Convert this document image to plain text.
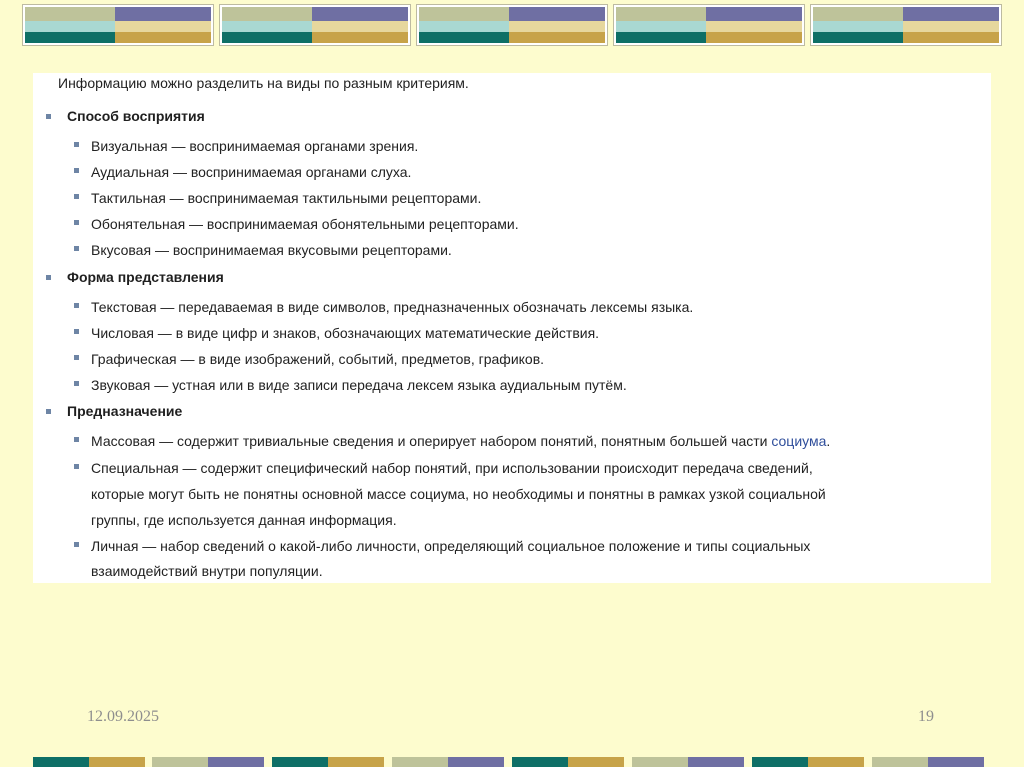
Информацию можно разделить на виды по разным критериям.
Способ восприятия
Визуальная — воспринимаемая органами зрения.
Аудиальная — воспринимаемая органами слуха.
Тактильная — воспринимаемая тактильными рецепторами.
Обонятельная — воспринимаемая обонятельными рецепторами.
Вкусовая — воспринимаемая вкусовыми рецепторами.
Форма представления
Текстовая — передаваемая в виде символов, предназначенных обозначать лексемы языка.
Числовая — в виде цифр и знаков, обозначающих математические действия.
Графическая — в виде изображений, событий, предметов, графиков.
Звуковая — устная или в виде записи передача лексем языка аудиальным путём.
Предназначение
Массовая — содержит тривиальные сведения и оперирует набором понятий, понятным большей части социума.
Специальная — содержит специфический набор понятий, при использовании происходит передача сведений,
которые могут быть не понятны основной массе социума, но необходимы и понятны в рамках узкой социальной
группы, где используется данная информация.
Личная — набор сведений о какой-либо личности, определяющий социальное положение и типы социальных
взаимодействий внутри популяции.
12.09.2025	19
